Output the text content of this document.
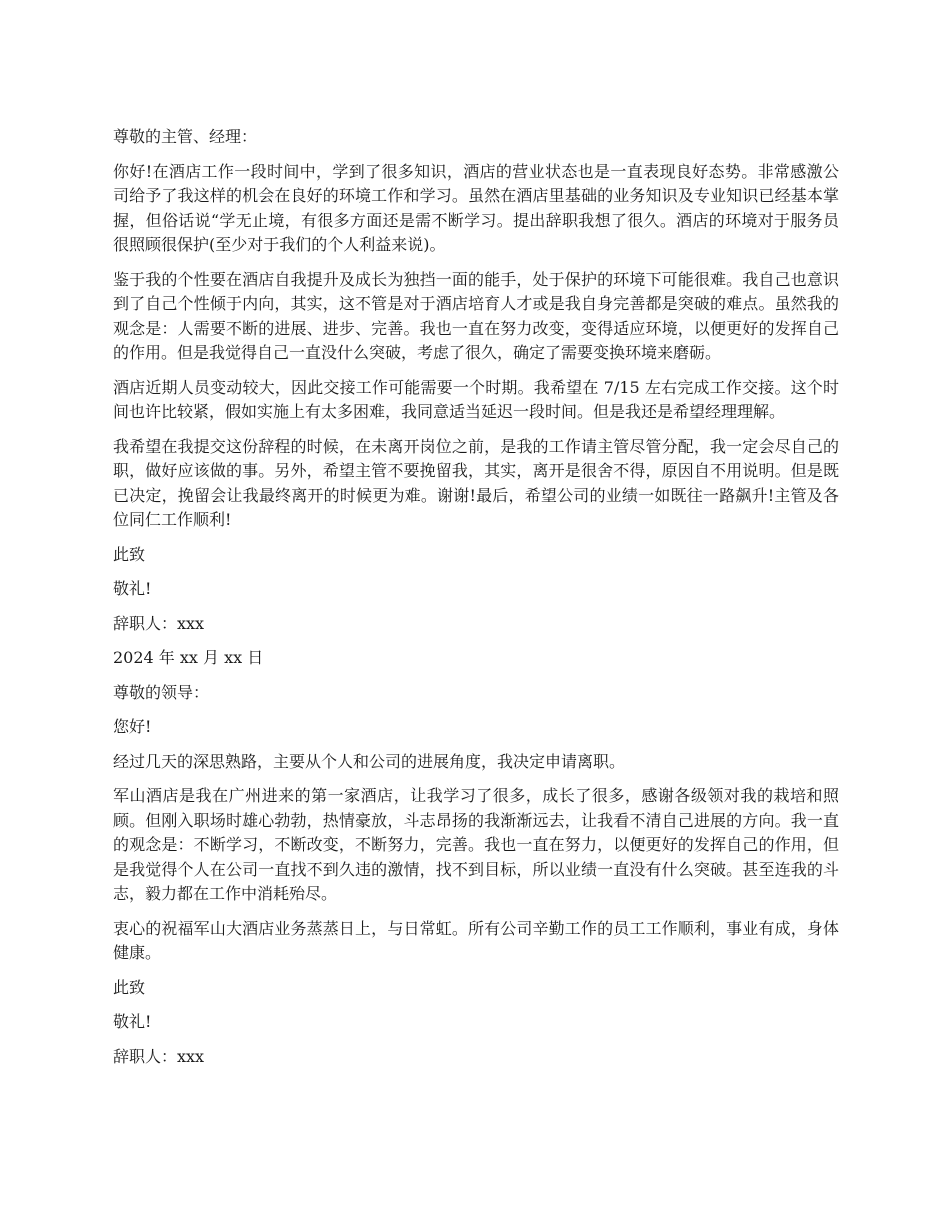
尊敬的主管、经理：

你好!在酒店工作一段时间中，学到了很多知识，酒店的营业状态也是一直表现良好态势。非常感激公司给予了我这样的机会在良好的环境工作和学习。虽然在酒店里基础的业务知识及专业知识已经基本掌握，但俗话说“学无止境，有很多方面还是需不断学习。提出辞职我想了很久。酒店的环境对于服务员很照顾很保护(至少对于我们的个人利益来说)。

鉴于我的个性要在酒店自我提升及成长为独挡一面的能手，处于保护的环境下可能很难。我自己也意识到了自己个性倾于内向，其实，这不管是对于酒店培育人才或是我自身完善都是突破的难点。虽然我的观念是：人需要不断的进展、进步、完善。我也一直在努力改变，变得适应环境，以便更好的发挥自己的作用。但是我觉得自己一直没什么突破，考虑了很久，确定了需要变换环境来磨砺。

酒店近期人员变动较大，因此交接工作可能需要一个时期。我希望在 7/15 左右完成工作交接。这个时间也许比较紧，假如实施上有太多困难，我同意适当延迟一段时间。但是我还是希望经理理解。

我希望在我提交这份辞程的时候，在未离开岗位之前，是我的工作请主管尽管分配，我一定会尽自己的职，做好应该做的事。另外，希望主管不要挽留我，其实，离开是很舍不得，原因自不用说明。但是既已决定，挽留会让我最终离开的时候更为难。谢谢!最后，希望公司的业绩一如既往一路飙升!主管及各位同仁工作顺利!

此致

敬礼!

辞职人：xxx

2024 年 xx 月 xx 日

尊敬的领导：

您好!

经过几天的深思熟路，主要从个人和公司的进展角度，我决定申请离职。

军山酒店是我在广州进来的第一家酒店，让我学习了很多，成长了很多，感谢各级领对我的栽培和照顾。但刚入职场时雄心勃勃，热情豪放，斗志昂扬的我渐渐远去，让我看不清自己进展的方向。我一直的观念是：不断学习，不断改变，不断努力，完善。我也一直在努力，以便更好的发挥自己的作用，但是我觉得个人在公司一直找不到久违的激情，找不到目标，所以业绩一直没有什么突破。甚至连我的斗志，毅力都在工作中消耗殆尽。

衷心的祝福军山大酒店业务蒸蒸日上，与日常虹。所有公司辛勤工作的员工工作顺利，事业有成，身体健康。

此致

敬礼!

辞职人：xxx
